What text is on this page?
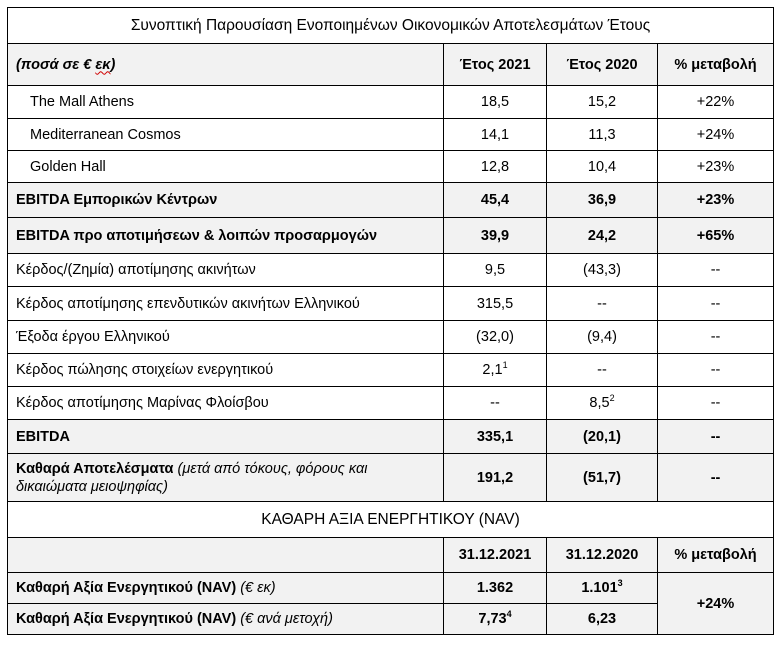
Συνοπτική Παρουσίαση Ενοποιημένων Οικονομικών Αποτελεσμάτων Έτους			
(ποσά σε € εκ)	Έτος 2021	Έτος 2020	% μεταβολή
The Mall Athens	18,5	15,2	+22%
Mediterranean Cosmos	14,1	11,3	+24%
Golden Hall	12,8	10,4	+23%
EBITDA Εμπορικών Κέντρων	45,4	36,9	+23%
EBITDA προ αποτιμήσεων & λοιπών προσαρμογών	39,9	24,2	+65%
Κέρδος/(Ζημία) αποτίμησης ακινήτων	9,5	(43,3)	--
Κέρδος αποτίμησης επενδυτικών ακινήτων Ελληνικού	315,5	--	--
Έξοδα έργου Ελληνικού	(32,0)	(9,4)	--
Κέρδος πώλησης στοιχείων ενεργητικού	$2,1^1$	--	--
Κέρδος αποτίμησης Μαρίνας Φλοίσβου	--	$8,5^2$	--
EBITDA	335,1	(20,1)	--
Καθαρά Αποτελέσματα (μετά από τόκους, φόρους και δικαιώματα μειοψηφίας)	191,2	(51,7)	--
ΚΑΘΑΡΗ ΑΞΙΑ ΕΝΕΡΓΗΤΙΚΟΥ (NAV)			
	31.12.2021	31.12.2020	% μεταβολή
Καθαρή Αξία Ενεργητικού (NAV) (€ εκ)	1.362	$1.101^3$	+24%
Καθαρή Αξία Ενεργητικού (NAV) (€ ανά μετοχή)	7,73$^4$	6,23	
